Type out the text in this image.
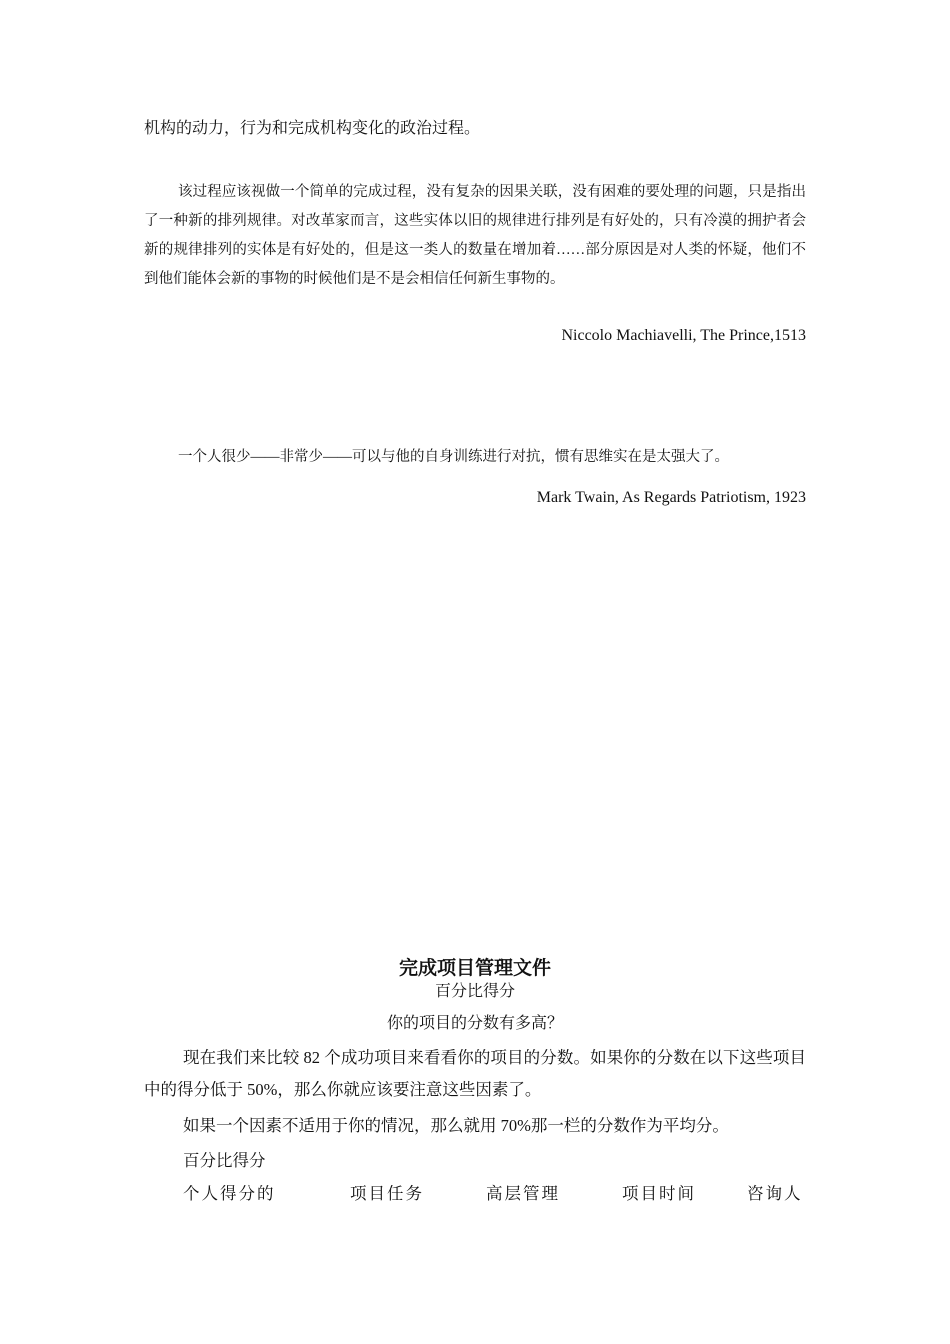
机构的动力，行为和完成机构变化的政治过程。
该过程应该视做一个简单的完成过程，没有复杂的因果关联，没有困难的要处理的问题，只是指出了一种新的排列规律。对改革家而言，这些实体以旧的规律进行排列是有好处的，只有冷漠的拥护者会新的规律排列的实体是有好处的，但是这一类人的数量在增加着……部分原因是对人类的怀疑，他们不到他们能体会新的事物的时候他们是不是会相信任何新生事物的。
Niccolo Machiavelli, The Prince,1513
一个人很少——非常少——可以与他的自身训练进行对抗，惯有思维实在是太强大了。
Mark Twain, As Regards Patriotism, 1923
完成项目管理文件
百分比得分
你的项目的分数有多高？
现在我们来比较 82 个成功项目来看看你的项目的分数。如果你的分数在以下这些项目中的得分低于 50%，那么你就应该要注意这些因素了。
如果一个因素不适用于你的情况，那么就用 70%那一栏的分数作为平均分。
百分比得分
个人得分的	项目任务	高层管理	项目时间	咨询人
